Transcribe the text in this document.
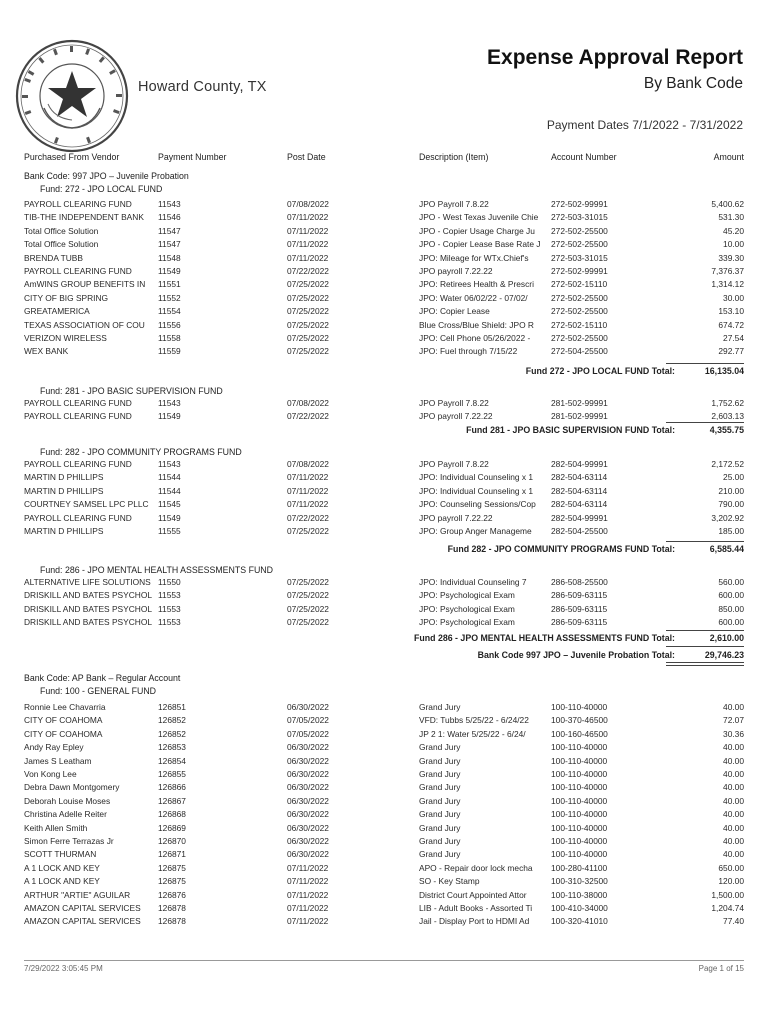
Howard County, TX
Expense Approval Report
By Bank Code
Payment Dates 7/1/2022 - 7/31/2022
Purchased From Vendor	Payment Number	Post Date	Description (Item)	Account Number	Amount
Bank Code: 997 JPO – Juvenile Probation
Fund: 272 - JPO LOCAL FUND
PAYROLL CLEARING FUND	11543	07/08/2022	JPO Payroll 7.8.22	272-502-99991	5,400.62
TIB-THE INDEPENDENT BANK	11546	07/11/2022	JPO - West Texas Juvenile Chie	272-503-31015	531.30
Total Office Solution	11547	07/11/2022	JPO - Copier Usage Charge Ju	272-502-25500	45.20
Total Office Solution	11547	07/11/2022	JPO - Copier Lease Base Rate J	272-502-25500	10.00
BRENDA TUBB	11548	07/11/2022	JPO: Mileage for WTx.Chief's	272-503-31015	339.30
PAYROLL CLEARING FUND	11549	07/22/2022	JPO payroll 7.22.22	272-502-99991	7,376.37
AmWINS GROUP BENEFITS IN	11551	07/25/2022	JPO: Retirees Health & Prescri	272-502-15110	1,314.12
CITY OF BIG SPRING	11552	07/25/2022	JPO: Water 06/02/22 - 07/02/	272-502-25500	30.00
GREATAMERICA	11554	07/25/2022	JPO: Copier Lease	272-502-25500	153.10
TEXAS ASSOCIATION OF COU	11556	07/25/2022	Blue Cross/Blue Shield: JPO R	272-502-15110	674.72
VERIZON WIRELESS	11558	07/25/2022	JPO: Cell Phone 05/26/2022 -	272-502-25500	27.54
WEX BANK	11559	07/25/2022	JPO: Fuel through 7/15/22	272-504-25500	292.77
Fund 272 - JPO LOCAL FUND Total:	16,135.04
Fund: 281 - JPO BASIC SUPERVISION FUND
PAYROLL CLEARING FUND	11543	07/08/2022	JPO Payroll 7.8.22	281-502-99991	1,752.62
PAYROLL CLEARING FUND	11549	07/22/2022	JPO payroll 7.22.22	281-502-99991	2,603.13
Fund 281 - JPO BASIC SUPERVISION FUND Total:	4,355.75
Fund: 282 - JPO COMMUNITY PROGRAMS FUND
PAYROLL CLEARING FUND	11543	07/08/2022	JPO Payroll 7.8.22	282-504-99991	2,172.52
MARTIN D PHILLIPS	11544	07/11/2022	JPO: Individual Counseling x 1	282-504-63114	25.00
MARTIN D PHILLIPS	11544	07/11/2022	JPO: Individual Counseling x 1	282-504-63114	210.00
COURTNEY SAMSEL LPC PLLC	11545	07/11/2022	JPO: Counseling Sessions/Cop	282-504-63114	790.00
PAYROLL CLEARING FUND	11549	07/22/2022	JPO payroll 7.22.22	282-504-99991	3,202.92
MARTIN D PHILLIPS	11555	07/25/2022	JPO: Group Anger Manageme	282-504-25500	185.00
Fund 282 - JPO COMMUNITY PROGRAMS FUND Total:	6,585.44
Fund: 286 - JPO MENTAL HEALTH ASSESSMENTS FUND
ALTERNATIVE LIFE SOLUTIONS 11550	07/25/2022	JPO: Individual Counseling 7	286-508-25500	560.00
DRISKILL AND BATES PSYCHOL 11553	07/25/2022	JPO: Psychological Exam	286-509-63115	600.00
DRISKILL AND BATES PSYCHOL 11553	07/25/2022	JPO: Psychological Exam	286-509-63115	850.00
DRISKILL AND BATES PSYCHOL 11553	07/25/2022	JPO: Psychological Exam	286-509-63115	600.00
Fund 286 - JPO MENTAL HEALTH ASSESSMENTS FUND Total:	2,610.00
Bank Code 997 JPO – Juvenile Probation Total:	29,746.23
Bank Code: AP Bank – Regular Account
Fund: 100 - GENERAL FUND
Ronnie Lee Chavarria	126851	06/30/2022	Grand Jury	100-110-40000	40.00
CITY OF COAHOMA	126852	07/05/2022	VFD: Tubbs 5/25/22 - 6/24/22	100-370-46500	72.07
CITY OF COAHOMA	126852	07/05/2022	JP 2 1: Water 5/25/22 - 6/24/	100-160-46500	30.36
Andy Ray Epley	126853	06/30/2022	Grand Jury	100-110-40000	40.00
James S Leatham	126854	06/30/2022	Grand Jury	100-110-40000	40.00
Von Kong Lee	126855	06/30/2022	Grand Jury	100-110-40000	40.00
Debra Dawn Montgomery	126866	06/30/2022	Grand Jury	100-110-40000	40.00
Deborah Louise Moses	126867	06/30/2022	Grand Jury	100-110-40000	40.00
Christina Adelle Reiter	126868	06/30/2022	Grand Jury	100-110-40000	40.00
Keith Allen Smith	126869	06/30/2022	Grand Jury	100-110-40000	40.00
Simon Ferre Terrazas Jr	126870	06/30/2022	Grand Jury	100-110-40000	40.00
SCOTT THURMAN	126871	06/30/2022	Grand Jury	100-110-40000	40.00
A 1 LOCK AND KEY	126875	07/11/2022	APO - Repair door lock mecha	100-280-41100	650.00
A 1 LOCK AND KEY	126875	07/11/2022	SO - Key Stamp	100-310-32500	120.00
ARTHUR "ARTIE" AGUILAR	126876	07/11/2022	District Court Appointed Attor	100-110-38000	1,500.00
AMAZON CAPITAL SERVICES	126878	07/11/2022	LIB - Adult Books - Assorted Ti	100-410-34000	1,204.74
AMAZON CAPITAL SERVICES	126878	07/11/2022	Jail - Display Port to HDMI Ad	100-320-41010	77.40
7/29/2022 3:05:45 PM	Page 1 of 15
